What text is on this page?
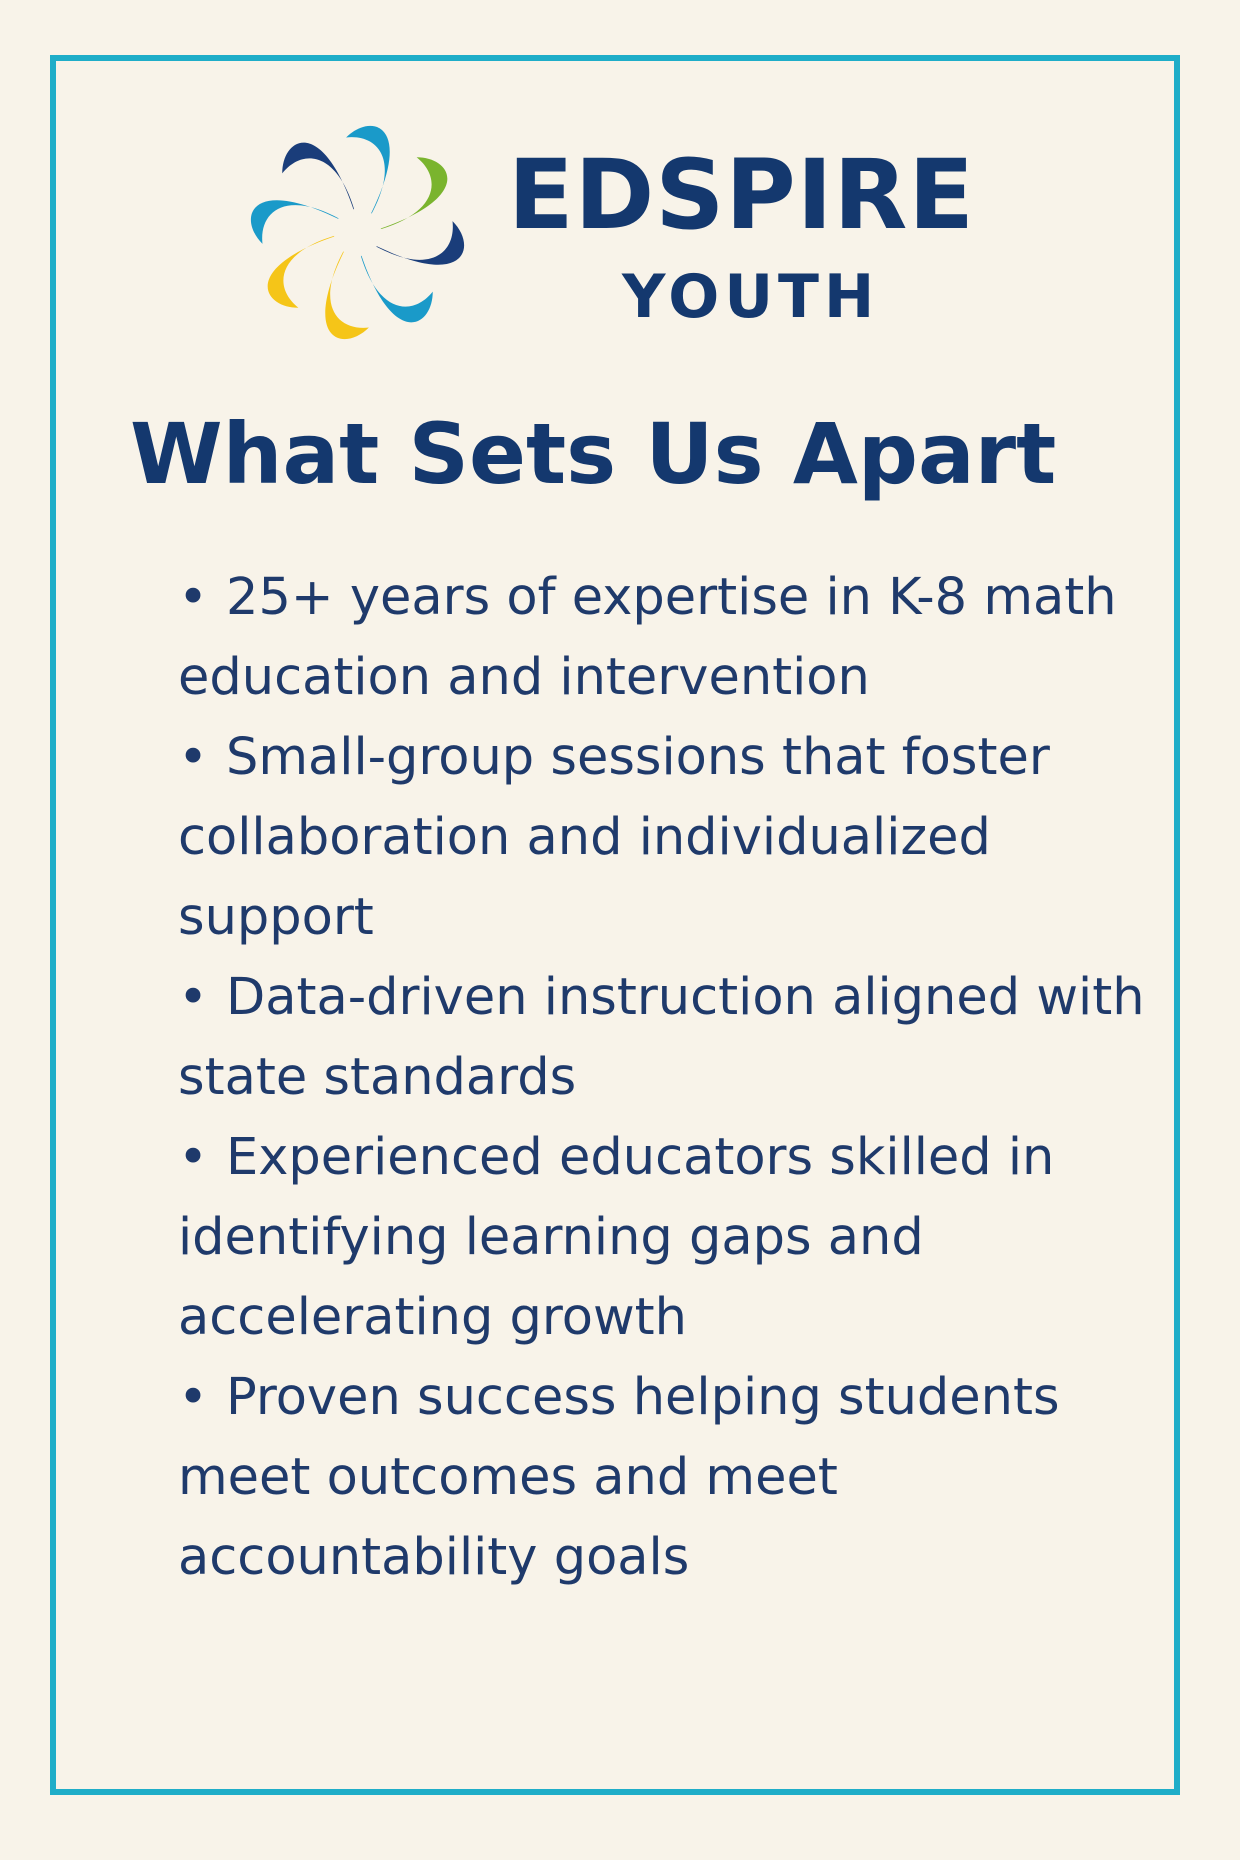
EDSPIRE
YOUTH
What Sets Us Apart
• 25+ years of expertise in K-8 math education and intervention
• Small-group sessions that foster collaboration and individualized support
• Data-driven instruction aligned with state standards
• Experienced educators skilled in identifying learning gaps and accelerating growth
• Proven success helping students meet outcomes and meet accountability goals
